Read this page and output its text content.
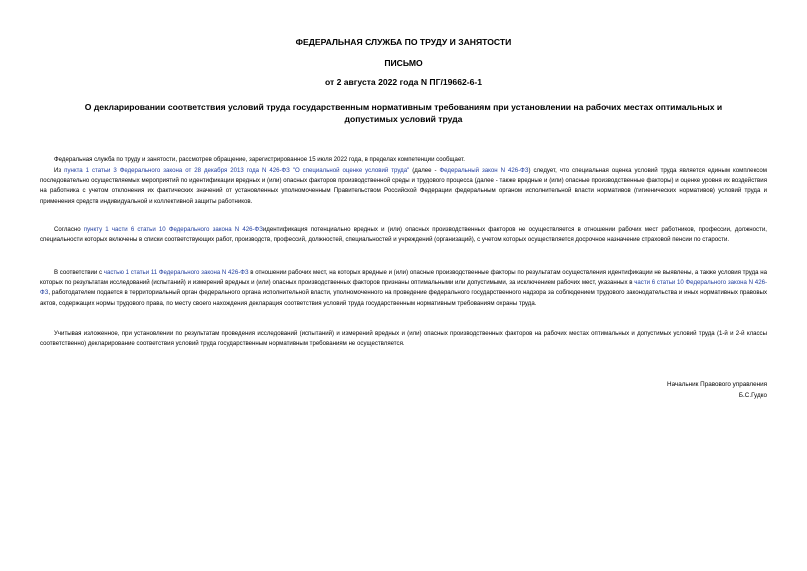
ФЕДЕРАЛЬНАЯ СЛУЖБА ПО ТРУДУ И ЗАНЯТОСТИ
ПИСЬМО
от 2 августа 2022 года N ПГ/19662-6-1
О декларировании соответствия условий труда государственным нормативным требованиям при установлении на рабочих местах оптимальных и допустимых условий труда

Федеральная служба по труду и занятости, рассмотрев обращение, зарегистрированное 15 июля 2022 года, в пределах компетенции сообщает.

Из пункта 1 статьи 3 Федерального закона от 28 декабря 2013 года N 426-ФЗ "О специальной оценке условий труда" (далее - Федеральный закон N 426-ФЗ) следует, что специальная оценка условий труда является единым комплексом последовательно осуществляемых мероприятий по идентификации вредных и (или) опасных факторов производственной среды и трудового процесса (далее - также вредные и (или) опасные производственные факторы) и оценке уровня их воздействия на работника с учетом отклонения их фактических значений от установленных уполномоченным Правительством Российской Федерации федеральным органом исполнительной власти нормативов (гигиенических нормативов) условий труда и применения средств индивидуальной и коллективной защиты работников.

Согласно пункту 1 части 6 статьи 10 Федерального закона N 426-ФЗидентификация потенциально вредных и (или) опасных производственных факторов не осуществляется в отношении рабочих мест работников, профессии, должности, специальности которых включены в списки соответствующих работ, производств, профессий, должностей, специальностей и учреждений (организаций), с учетом которых осуществляется досрочное назначение страховой пенсии по старости.

В соответствии с частью 1 статьи 11 Федерального закона N 426-ФЗ в отношении рабочих мест, на которых вредные и (или) опасные производственные факторы по результатам осуществления идентификации не выявлены, а также условия труда на которых по результатам исследований (испытаний) и измерений вредных и (или) опасных производственных факторов признаны оптимальными или допустимыми, за исключением рабочих мест, указанных в части 6 статьи 10 Федерального закона N 426-ФЗ, работодателем подается в территориальный орган федерального органа исполнительной власти, уполномоченного на проведение федерального государственного надзора за соблюдением трудового законодательства и иных нормативных правовых актов, содержащих нормы трудового права, по месту своего нахождения декларация соответствия условий труда государственным нормативным требованиям охраны труда.

Учитывая изложенное, при установлении по результатам проведения исследований (испытаний) и измерений вредных и (или) опасных производственных факторов на рабочих местах оптимальных и допустимых условий труда (1-й и 2-й классы соответственно) декларирование соответствия условий труда государственным нормативным требованиям не осуществляется.

Начальник Правового управления
Б.С.Гудко
